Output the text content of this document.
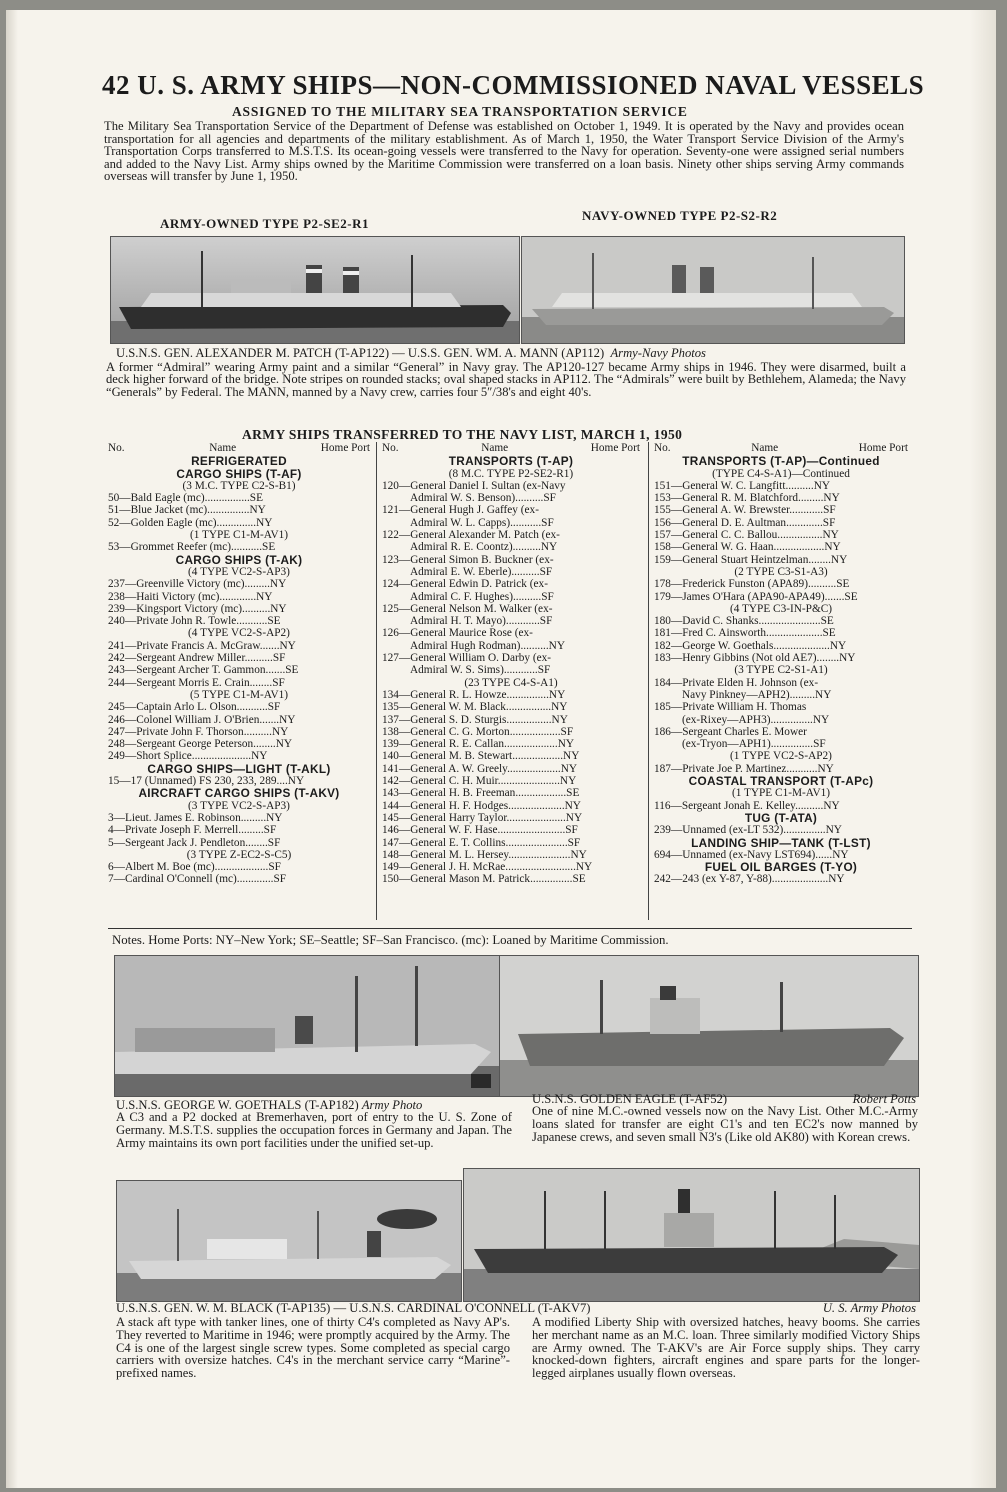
42 U. S. ARMY SHIPS—NON-COMMISSIONED NAVAL VESSELS
ASSIGNED TO THE MILITARY SEA TRANSPORTATION SERVICE
The Military Sea Transportation Service of the Department of Defense was established on October 1, 1949. It is operated by the Navy and provides ocean transportation for all agencies and departments of the military establishment. As of March 1, 1950, the Water Transport Service Division of the Army's Transportation Corps transferred to M.S.T.S. Its ocean-going vessels were transferred to the Navy for operation. Seventy-one were assigned serial numbers and added to the Navy List. Army ships owned by the Maritime Commission were transferred on a loan basis. Ninety other ships serving Army commands overseas will transfer by June 1, 1950.
ARMY-OWNED TYPE P2-SE2-R1
NAVY-OWNED TYPE P2-S2-R2
U.S.N.S. GEN. ALEXANDER M. PATCH (T-AP122) — U.S.S. GEN. WM. A. MANN (AP112) Army-Navy Photos
A former “Admiral” wearing Army paint and a similar “General” in Navy gray. The AP120-127 became Army ships in 1946. They were disarmed, built a deck higher forward of the bridge. Note stripes on rounded stacks; oval shaped stacks in AP112. The “Admirals” were built by Bethlehem, Alameda; the Navy “Generals” by Federal. The MANN, manned by a Navy crew, carries four 5″/38's and eight 40's.
ARMY SHIPS TRANSFERRED TO THE NAVY LIST, MARCH 1, 1950
No.	Name	Home Port
REFRIGERATED
CARGO SHIPS (T-AF)
(3 M.C. TYPE C2-S-B1)
50—Bald Eagle (mc)................SE
51—Blue Jacket (mc)...............NY
52—Golden Eagle (mc)..............NY
(1 TYPE C1-M-AV1)
53—Grommet Reefer (mc)...........SE
CARGO SHIPS (T-AK)
(4 TYPE VC2-S-AP3)
237—Greenville Victory (mc).........NY
238—Haiti Victory (mc).............NY
239—Kingsport Victory (mc)..........NY
240—Private John R. Towle...........SE
(4 TYPE VC2-S-AP2)
241—Private Francis A. McGraw.......NY
242—Sergeant Andrew Miller..........SF
243—Sergeant Archer T. Gammon.......SE
244—Sergeant Morris E. Crain........SF
(5 TYPE C1-M-AV1)
245—Captain Arlo L. Olson...........SF
246—Colonel William J. O'Brien.......NY
247—Private John F. Thorson..........NY
248—Sergeant George Peterson........NY
249—Short Splice.....................NY
CARGO SHIPS—LIGHT (T-AKL)
15—17 (Unnamed) FS 230, 233, 289....NY
AIRCRAFT CARGO SHIPS (T-AKV)
(3 TYPE VC2-S-AP3)
3—Lieut. James E. Robinson.........NY
4—Private Joseph F. Merrell.........SF
5—Sergeant Jack J. Pendleton........SF
(3 TYPE Z-EC2-S-C5)
6—Albert M. Boe (mc)...................SF
7—Cardinal O'Connell (mc).............SF
No.	Name	Home Port
TRANSPORTS (T-AP)
(8 M.C. TYPE P2-SE2-R1)
120—General Daniel I. Sultan (ex-Navy
Admiral W. S. Benson)..........SF
121—General Hugh J. Gaffey (ex-
Admiral W. L. Capps)...........SF
122—General Alexander M. Patch (ex-
Admiral R. E. Coontz)..........NY
123—General Simon B. Buckner (ex-
Admiral E. W. Eberle)..........SF
124—General Edwin D. Patrick (ex-
Admiral C. F. Hughes)..........SF
125—General Nelson M. Walker (ex-
Admiral H. T. Mayo)............SF
126—General Maurice Rose (ex-
Admiral Hugh Rodman)..........NY
127—General William O. Darby (ex-
Admiral W. S. Sims)............SF
(23 TYPE C4-S-A1)
134—General R. L. Howze...............NY
135—General W. M. Black................NY
137—General S. D. Sturgis................NY
138—General C. G. Morton..................SF
139—General R. E. Callan...................NY
140—General M. B. Stewart..................NY
141—General A. W. Greely...................NY
142—General C. H. Muir......................NY
143—General H. B. Freeman..................SE
144—General H. F. Hodges....................NY
145—General Harry Taylor.....................NY
146—General W. F. Hase........................SF
147—General E. T. Collins......................SF
148—General M. L. Hersey......................NY
149—General J. H. McRae.........................NY
150—General Mason M. Patrick...............SE
No.	Name	Home Port
TRANSPORTS (T-AP)—Continued
(TYPE C4-S-A1)—Continued
151—General W. C. Langfitt..........NY
153—General R. M. Blatchford.........NY
155—General A. W. Brewster............SF
156—General D. E. Aultman.............SF
157—General C. C. Ballou................NY
158—General W. G. Haan..................NY
159—General Stuart Heintzelman........NY
(2 TYPE C3-S1-A3)
178—Frederick Funston (APA89)..........SE
179—James O'Hara (APA90-APA49).......SE
(4 TYPE C3-IN-P&C)
180—David C. Shanks......................SE
181—Fred C. Ainsworth....................SE
182—George W. Goethals....................NY
183—Henry Gibbins (Not old AE7)........NY
(3 TYPE C2-S1-A1)
184—Private Elden H. Johnson (ex-
Navy Pinkney—APH2).........NY
185—Private William H. Thomas
(ex-Rixey—APH3)...............NY
186—Sergeant Charles E. Mower
(ex-Tryon—APH1)...............SF
(1 TYPE VC2-S-AP2)
187—Private Joe P. Martinez...........NY
COASTAL TRANSPORT (T-APc)
(1 TYPE C1-M-AV1)
116—Sergeant Jonah E. Kelley..........NY
TUG (T-ATA)
239—Unnamed (ex-LT 532)...............NY
LANDING SHIP—TANK (T-LST)
694—Unnamed (ex-Navy LST694)......NY
FUEL OIL BARGES (T-YO)
242—243 (ex Y-87, Y-88)....................NY
Notes. Home Ports: NY–New York; SE–Seattle; SF–San Francisco. (mc): Loaned by Maritime Commission.
U.S.N.S. GEORGE W. GOETHALS (T-AP182) Army Photo
A C3 and a P2 docked at Bremerhaven, port of entry to the U. S. Zone of Germany. M.S.T.S. supplies the occupation forces in Germany and Japan. The Army maintains its own port facilities under the unified set-up.
U.S.N.S. GOLDEN EAGLE (T-AF52)	Robert Potts
One of nine M.C.-owned vessels now on the Navy List. Other M.C.-Army loans slated for transfer are eight C1's and ten EC2's now manned by Japanese crews, and seven small N3's (Like old AK80) with Korean crews.
U.S.N.S. GEN. W. M. BLACK (T-AP135) — U.S.N.S. CARDINAL O'CONNELL (T-AKV7)	U. S. Army Photos
A stack aft type with tanker lines, one of thirty C4's completed as Navy AP's. They reverted to Maritime in 1946; were promptly acquired by the Army. The C4 is one of the largest single screw types. Some completed as special cargo carriers with oversize hatches. C4's in the merchant service carry “Marine”-prefixed names.
A modified Liberty Ship with oversized hatches, heavy booms. She carries her merchant name as an M.C. loan. Three similarly modified Victory Ships are Army owned. The T-AKV's are Air Force supply ships. They carry knocked-down fighters, aircraft engines and spare parts for the longer-legged airplanes usually flown overseas.
